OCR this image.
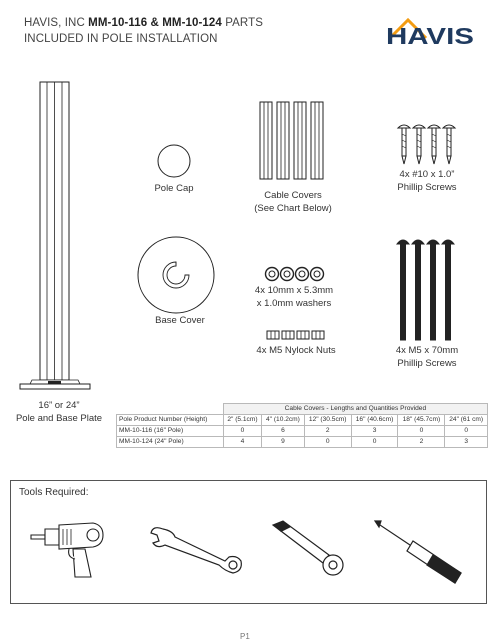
HAVIS, INC MM-10-116 & MM-10-124 PARTS
INCLUDED IN POLE INSTALLATION	HAVIS
16” or 24”
Pole and Base Plate
Pole Cap
Base Cover
Cable Covers
(See Chart Below)
4x 10mm x 5.3mm
x 1.0mm washers
4x M5 Nylock Nuts
4x #10 x 1.0”
Phillip Screws
4x M5 x 70mm
Phillip Screws
	Cable Covers - Lengths and Quantities Provided					
Pole Product Number (Height)	2" (5.1cm)	4" (10.2cm)	12" (30.5cm)	16" (40.6cm)	18" (45.7cm)	24" (61 cm)
MM-10-116 (16" Pole)	0	6	2	3	0	0
MM-10-124 (24" Pole)	4	9	0	0	2	3
Tools Required:
P1
